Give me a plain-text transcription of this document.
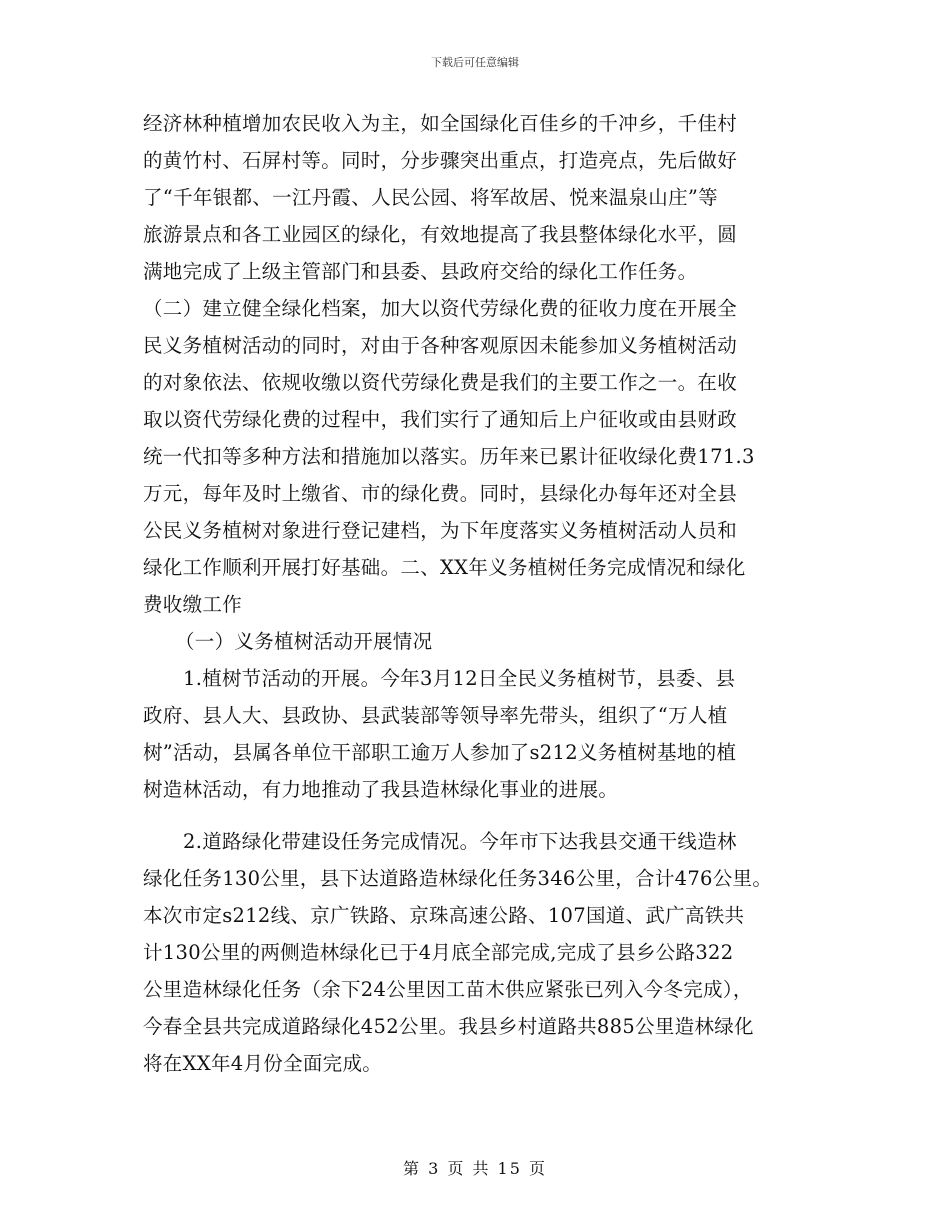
下载后可任意编辑
经济林种植增加农民收入为主，如全国绿化百佳乡的千冲乡，千佳村
的黄竹村、石屏村等。同时，分步骤突出重点，打造亮点，先后做好
了“千年银都、一江丹霞、人民公园、将军故居、悦来温泉山庄”等
旅游景点和各工业园区的绿化，有效地提高了我县整体绿化水平，圆
满地完成了上级主管部门和县委、县政府交给的绿化工作任务。
（二）建立健全绿化档案，加大以资代劳绿化费的征收力度在开展全
民义务植树活动的同时，对由于各种客观原因未能参加义务植树活动
的对象依法、依规收缴以资代劳绿化费是我们的主要工作之一。在收
取以资代劳绿化费的过程中，我们实行了通知后上户征收或由县财政
统一代扣等多种方法和措施加以落实。历年来已累计征收绿化费171.3
万元，每年及时上缴省、市的绿化费。同时，县绿化办每年还对全县
公民义务植树对象进行登记建档，为下年度落实义务植树活动人员和
绿化工作顺利开展打好基础。二、XX年义务植树任务完成情况和绿化
费收缴工作
（一）义务植树活动开展情况
1.植树节活动的开展。今年3月12日全民义务植树节，县委、县
政府、县人大、县政协、县武装部等领导率先带头，组织了“万人植
树”活动，县属各单位干部职工逾万人参加了s212义务植树基地的植
树造林活动，有力地推动了我县造林绿化事业的进展。
2.道路绿化带建设任务完成情况。今年市下达我县交通干线造林
绿化任务130公里，县下达道路造林绿化任务346公里，合计476公里。
本次市定s212线、京广铁路、京珠高速公路、107国道、武广高铁共
计130公里的两侧造林绿化已于4月底全部完成,完成了县乡公路322
公里造林绿化任务（余下24公里因工苗木供应紧张已列入今冬完成），
今春全县共完成道路绿化452公里。我县乡村道路共885公里造林绿化
将在XX年4月份全面完成。
第 3 页 共 15 页
